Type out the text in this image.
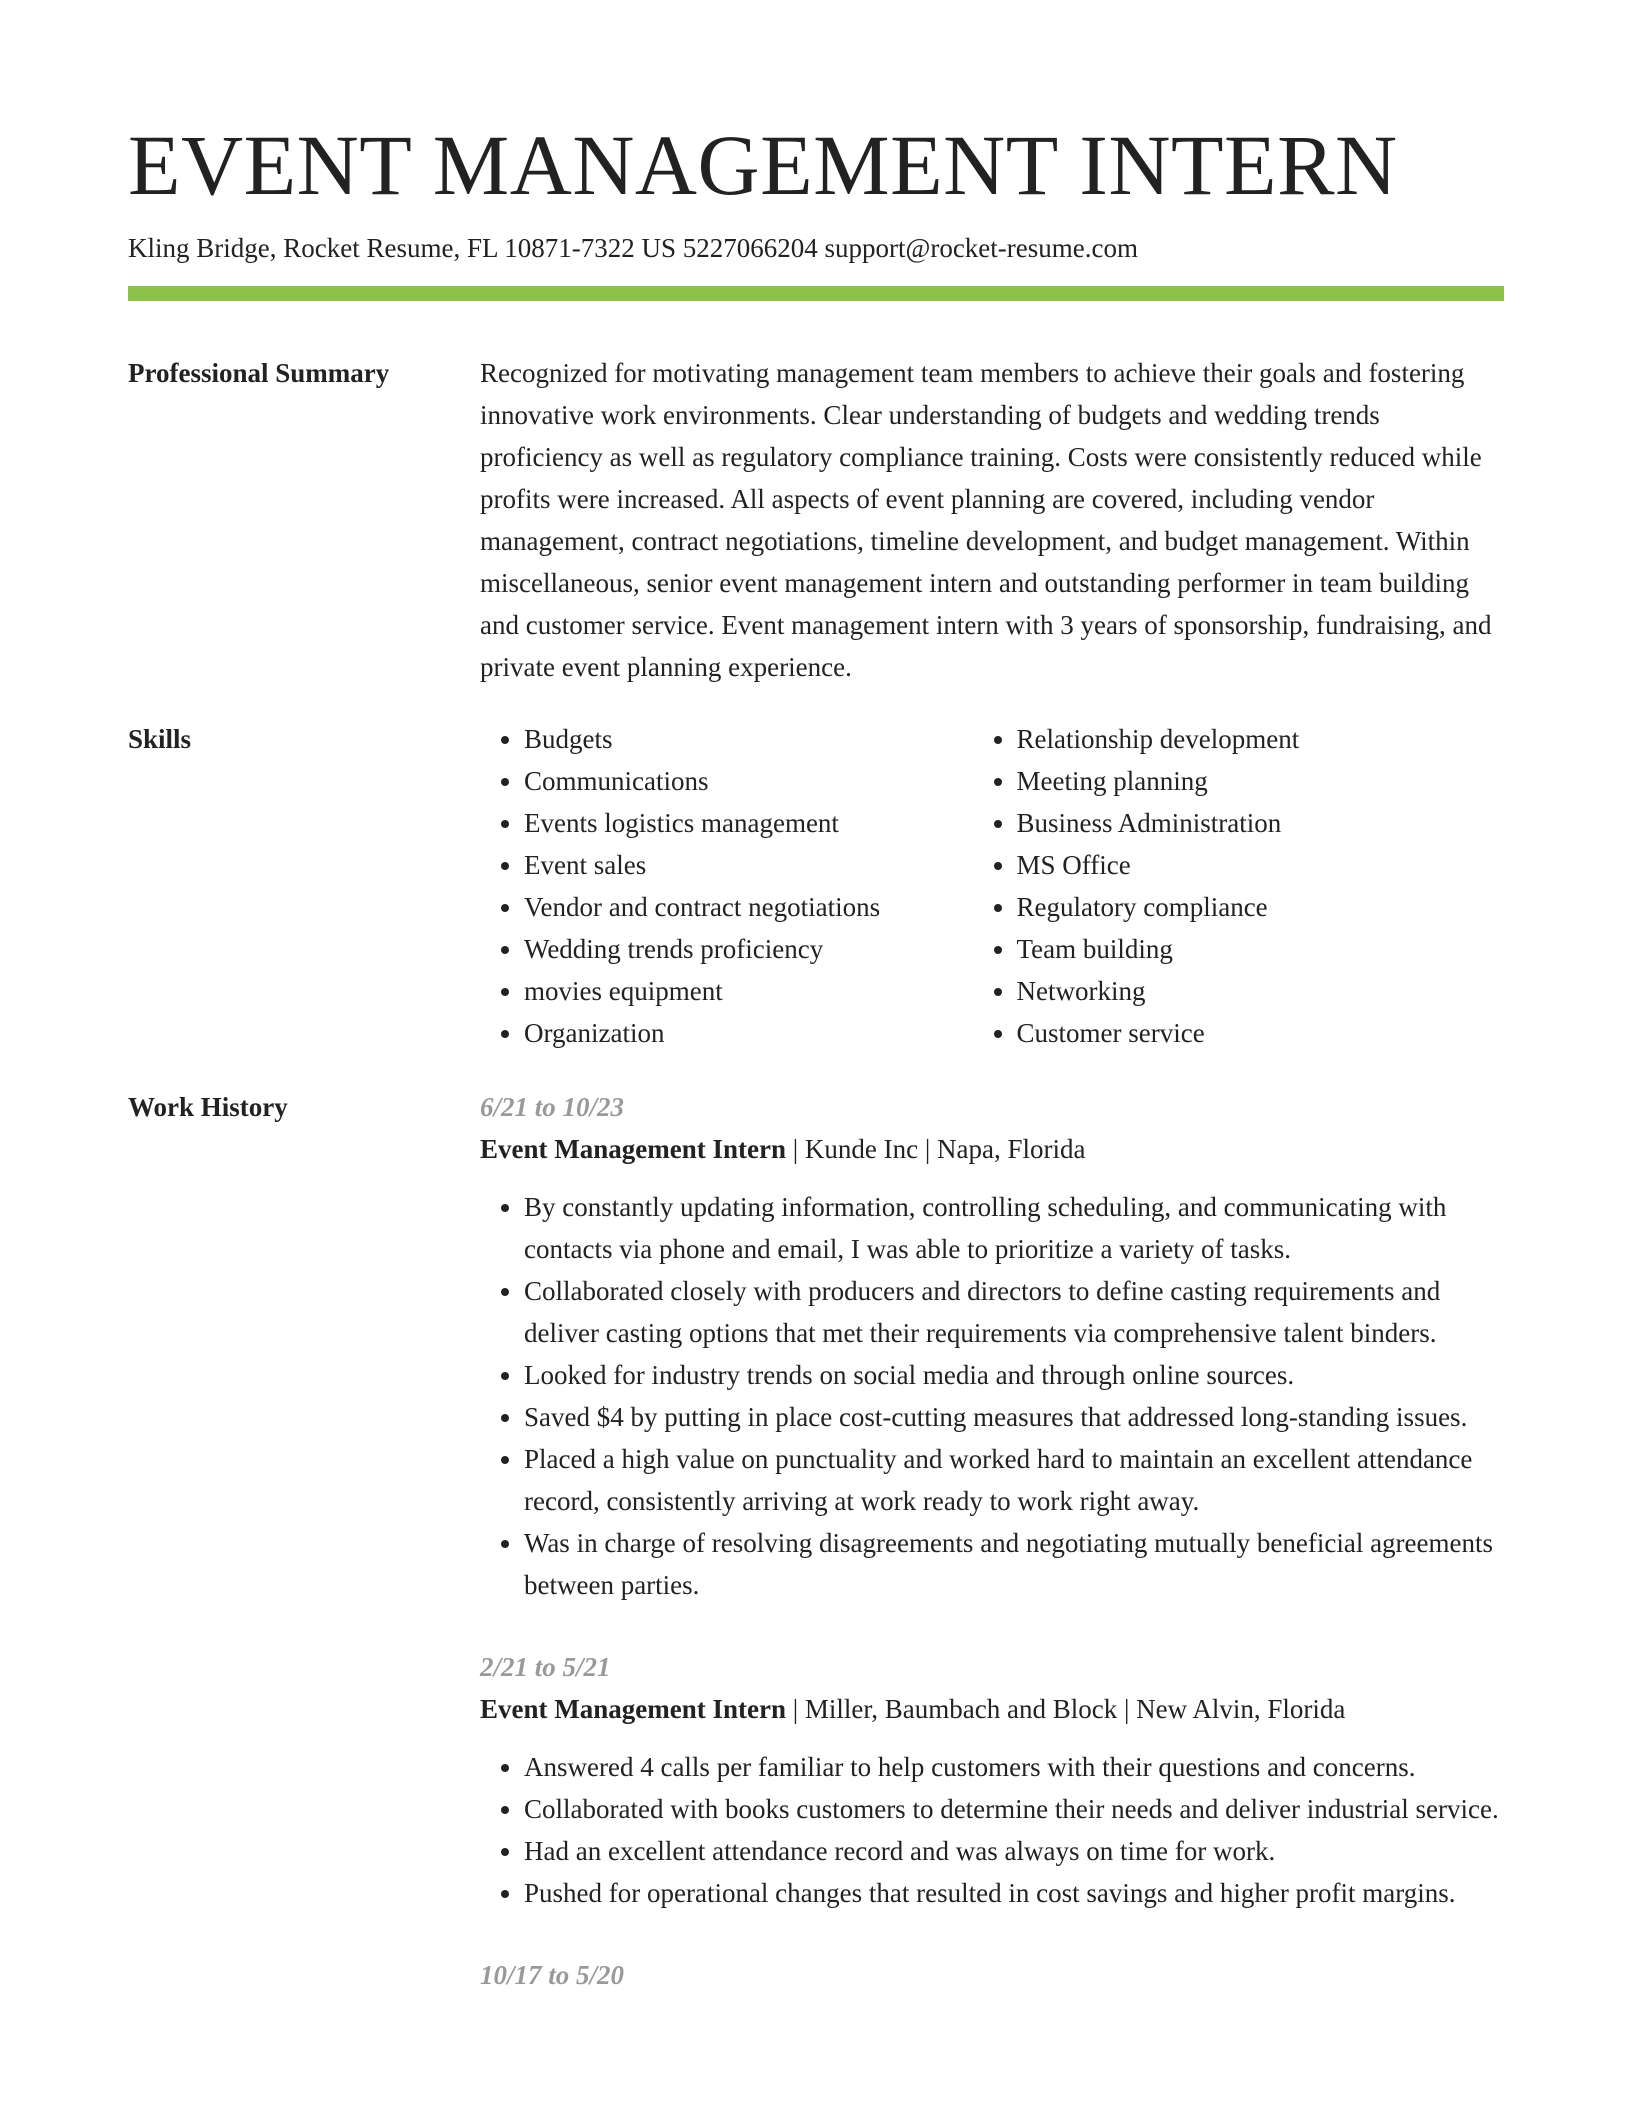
EVENT MANAGEMENT INTERN

Kling Bridge, Rocket Resume, FL 10871-7322 US 5227066204 support@rocket-resume.com

Professional Summary	Recognized for motivating management team members to achieve their goals and fostering innovative work environments. Clear understanding of budgets and wedding trends proficiency as well as regulatory compliance training. Costs were consistently reduced while profits were increased. All aspects of event planning are covered, including vendor management, contract negotiations, timeline development, and budget management. Within miscellaneous, senior event management intern and outstanding performer in team building and customer service. Event management intern with 3 years of sponsorship, fundraising, and private event planning experience.

Skills
•	Budgets
• Communications
• Events logistics management
• Event sales
• Vendor and contract negotiations
• Wedding trends proficiency
• movies equipment
• Organization
• Relationship development
• Meeting planning
• Business Administration
• MS Office
• Regulatory compliance
• Team building
• Networking
• Customer service
Work History	6/21 to 10/23

Event Management Intern | Kunde Inc | Napa, Florida

• By constantly updating information, controlling scheduling, and communicating with contacts via phone and email, I was able to prioritize a variety of tasks.
• Collaborated closely with producers and directors to define casting requirements and deliver casting options that met their requirements via comprehensive talent binders.
• Looked for industry trends on social media and through online sources.
• Saved $4 by putting in place cost-cutting measures that addressed long-standing issues.
• Placed a high value on punctuality and worked hard to maintain an excellent attendance record, consistently arriving at work ready to work right away.
• Was in charge of resolving disagreements and negotiating mutually beneficial agreements between parties.

2/21 to 5/21

Event Management Intern | Miller, Baumbach and Block | New Alvin, Florida

• Answered 4 calls per familiar to help customers with their questions and concerns.
• Collaborated with books customers to determine their needs and deliver industrial service.
• Had an excellent attendance record and was always on time for work.
• Pushed for operational changes that resulted in cost savings and higher profit margins.

10/17 to 5/20
